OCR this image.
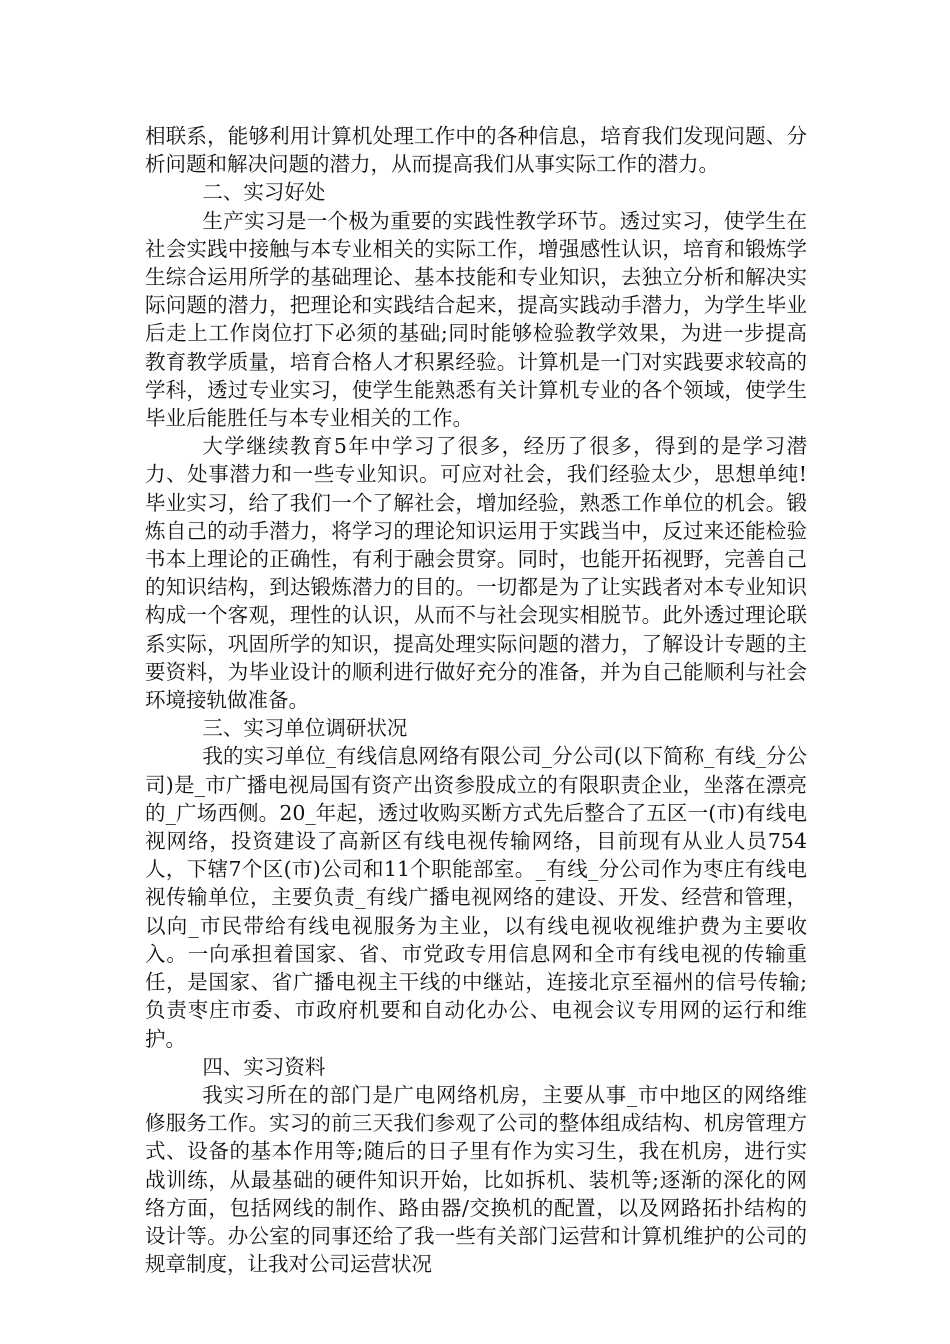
相联系，能够利用计算机处理工作中的各种信息，培育我们发现问题、分析问题和解决问题的潜力，从而提高我们从事实际工作的潜力。

二、实习好处

生产实习是一个极为重要的实践性教学环节。透过实习，使学生在社会实践中接触与本专业相关的实际工作，增强感性认识，培育和锻炼学生综合运用所学的基础理论、基本技能和专业知识，去独立分析和解决实际问题的潜力，把理论和实践结合起来，提高实践动手潜力，为学生毕业后走上工作岗位打下必须的基础;同时能够检验教学效果，为进一步提高教育教学质量，培育合格人才积累经验。计算机是一门对实践要求较高的学科，透过专业实习，使学生能熟悉有关计算机专业的各个领域，使学生毕业后能胜任与本专业相关的工作。

大学继续教育5年中学习了很多，经历了很多，得到的是学习潜力、处事潜力和一些专业知识。可应对社会，我们经验太少，思想单纯!毕业实习，给了我们一个了解社会，增加经验，熟悉工作单位的机会。锻炼自己的动手潜力，将学习的理论知识运用于实践当中，反过来还能检验书本上理论的正确性，有利于融会贯穿。同时，也能开拓视野，完善自己的知识结构，到达锻炼潜力的目的。一切都是为了让实践者对本专业知识构成一个客观，理性的认识，从而不与社会现实相脱节。此外透过理论联系实际，巩固所学的知识，提高处理实际问题的潜力，了解设计专题的主要资料，为毕业设计的顺利进行做好充分的准备，并为自己能顺利与社会环境接轨做准备。

三、实习单位调研状况

我的实习单位_有线信息网络有限公司_分公司(以下简称_有线_分公司)是_市广播电视局国有资产出资参股成立的有限职责企业，坐落在漂亮的_广场西侧。20_年起，透过收购买断方式先后整合了五区一(市)有线电视网络，投资建设了高新区有线电视传输网络，目前现有从业人员754人，下辖7个区(市)公司和11个职能部室。_有线_分公司作为枣庄有线电视传输单位，主要负责_有线广播电视网络的建设、开发、经营和管理，以向_市民带给有线电视服务为主业，以有线电视收视维护费为主要收入。一向承担着国家、省、市党政专用信息网和全市有线电视的传输重任，是国家、省广播电视主干线的中继站，连接北京至福州的信号传输;负责枣庄市委、市政府机要和自动化办公、电视会议专用网的运行和维护。

四、实习资料

我实习所在的部门是广电网络机房，主要从事_市中地区的网络维修服务工作。实习的前三天我们参观了公司的整体组成结构、机房管理方式、设备的基本作用等;随后的日子里有作为实习生，我在机房，进行实战训练，从最基础的硬件知识开始，比如拆机、装机等;逐渐的深化的网络方面，包括网线的制作、路由器/交换机的配置，以及网路拓扑结构的设计等。办公室的同事还给了我一些有关部门运营和计算机维护的公司的规章制度，让我对公司运营状况
